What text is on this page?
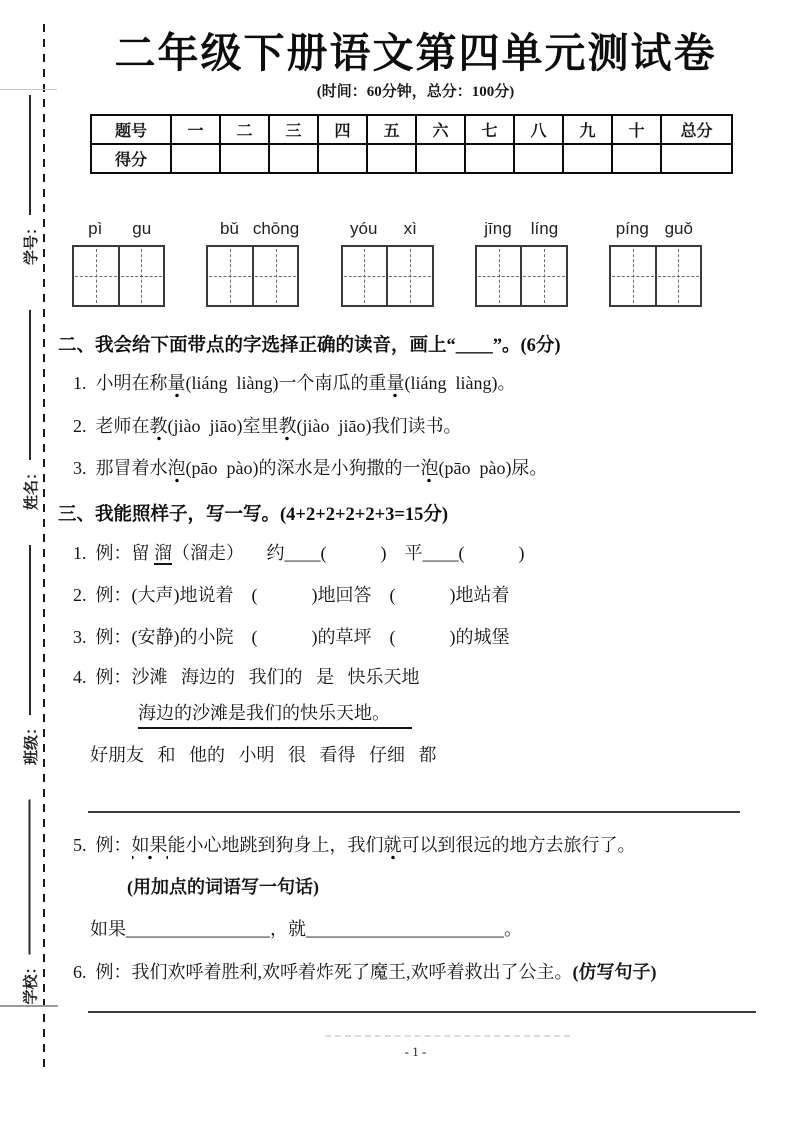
学号：
姓名：
班级：
学校：
二年级下册语文第四单元测试卷
(时间：60分钟，总分：100分)
题号	一	二	三	四	五	六	七	八	九	十	总分
得分											
pì	gu	bǔ chōng	yóu	xì	jīng	líng	píng guǒ
二、我会给下面带点的字选择正确的读音，画上“____”。(6分)
1. 小明在称量(liáng  liàng)一个南瓜的重量(liáng  liàng)。
2. 老师在教(jiào  jiāo)室里教(jiào  jiāo)我们读书。
3. 那冒着水泡(pāo  pào)的深水是小狗撒的一泡(pāo  pào)尿。
三、我能照样子，写一写。(4+2+2+2+2+3=15分)
1. 例：留 溜（溜走）     约____(            )    平____(            )
2. 例：(大声)地说着    (            )地回答    (            )地站着
3. 例：(安静)的小院    (            )的草坪    (            )的城堡
4. 例：沙滩   海边的   我们的   是   快乐天地
海边的沙滩是我们的快乐天地。
好朋友   和   他的   小明   很   看得   仔细   都
5. 例：如果能小心地跳到狗身上，我们就可以到很远的地方去旅行了。
(用加点的词语写一句话)
如果________________，就______________________。
6. 例：我们欢呼着胜利,欢呼着炸死了魔王,欢呼着救出了公主。(仿写句子)
- 1 -
